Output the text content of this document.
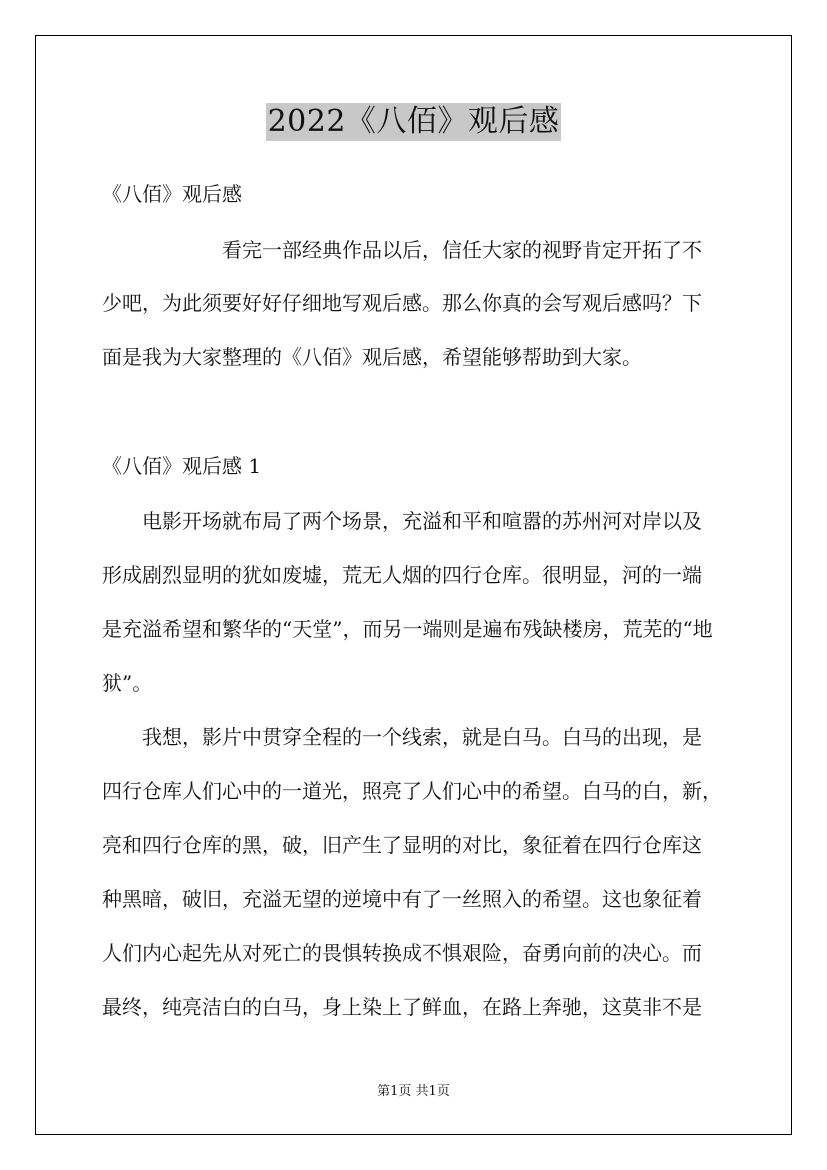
2022《八佰》观后感
《八佰》观后感
看完一部经典作品以后，信任大家的视野肯定开拓了不
少吧，为此须要好好仔细地写观后感。那么你真的会写观后感吗？下
面是我为大家整理的《八佰》观后感，希望能够帮助到大家。
《八佰》观后感 1
电影开场就布局了两个场景，充溢和平和喧嚣的苏州河对岸以及
形成剧烈显明的犹如废墟，荒无人烟的四行仓库。很明显，河的一端
是充溢希望和繁华的“天堂”，而另一端则是遍布残缺楼房，荒芜的“地
狱”。
我想，影片中贯穿全程的一个线索，就是白马。白马的出现，是
四行仓库人们心中的一道光，照亮了人们心中的希望。白马的白，新，
亮和四行仓库的黑，破，旧产生了显明的对比，象征着在四行仓库这
种黑暗，破旧，充溢无望的逆境中有了一丝照入的希望。这也象征着
人们内心起先从对死亡的畏惧转换成不惧艰险，奋勇向前的决心。而
最终，纯亮洁白的白马，身上染上了鲜血，在路上奔驰，这莫非不是
第1页 共1页
